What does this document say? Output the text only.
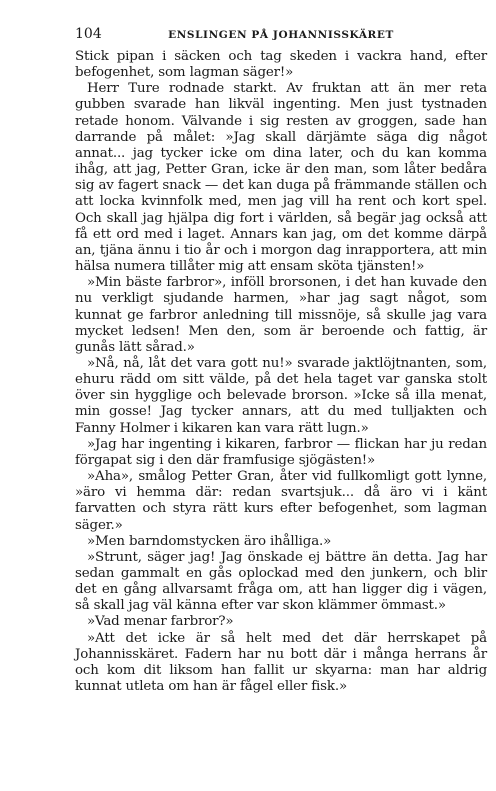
104	ENSLINGEN PÅ JOHANNISSKÄRET

Stick pipan i säcken och tag skeden i vackra hand, efter befogenhet, som lagman säger!»

Herr Ture rodnade starkt. Av fruktan att än mer reta gubben svarade han likväl ingenting. Men just tystnaden retade honom. Välvande i sig resten av groggen, sade han darrande på målet: »Jag skall därjämte säga dig något annat... jag tycker icke om dina later, och du kan komma ihåg, att jag, Petter Gran, icke är den man, som låter bedåra sig av fagert snack — det kan duga på främmande ställen och att locka kvinnfolk med, men jag vill ha rent och kort spel. Och skall jag hjälpa dig fort i världen, så begär jag också att få ett ord med i laget. Annars kan jag, om det komme därpå an, tjäna ännu i tio år och i morgon dag inrapportera, att min hälsa numera tillåter mig att ensam sköta tjänsten!»

»Min bäste farbror», inföll brorsonen, i det han kuvade den nu verkligt sjudande harmen, »har jag sagt något, som kunnat ge farbror anledning till missnöje, så skulle jag vara mycket ledsen! Men den, som är beroende och fattig, är gunås lätt sårad.»

»Nå, nå, låt det vara gott nu!» svarade jaktlöjtnanten, som, ehuru rädd om sitt välde, på det hela taget var ganska stolt över sin hygglige och belevade brorson. »Icke så illa menat, min gosse! Jag tycker annars, att du med tulljakten och Fanny Holmer i kikaren kan vara rätt lugn.»

»Jag har ingenting i kikaren, farbror — flickan har ju redan förgapat sig i den där framfusige sjögästen!»

»Aha», smålog Petter Gran, åter vid fullkomligt gott lynne, »äro vi hemma där: redan svartsjuk... då äro vi i känt farvatten och styra rätt kurs efter befogenhet, som lagman säger.»

»Men barndomstycken äro ihålliga.»

»Strunt, säger jag! Jag önskade ej bättre än detta. Jag har sedan gammalt en gås oplockad med den junkern, och blir det en gång allvarsamt fråga om, att han ligger dig i vägen, så skall jag väl känna efter var skon klämmer ömmast.»

»Vad menar farbror?»

»Att det icke är så helt med det där herrskapet på Johannisskäret. Fadern har nu bott där i många herrans år och kom dit liksom han fallit ur skyarna: man har aldrig kunnat utleta om han är fågel eller fisk.»
